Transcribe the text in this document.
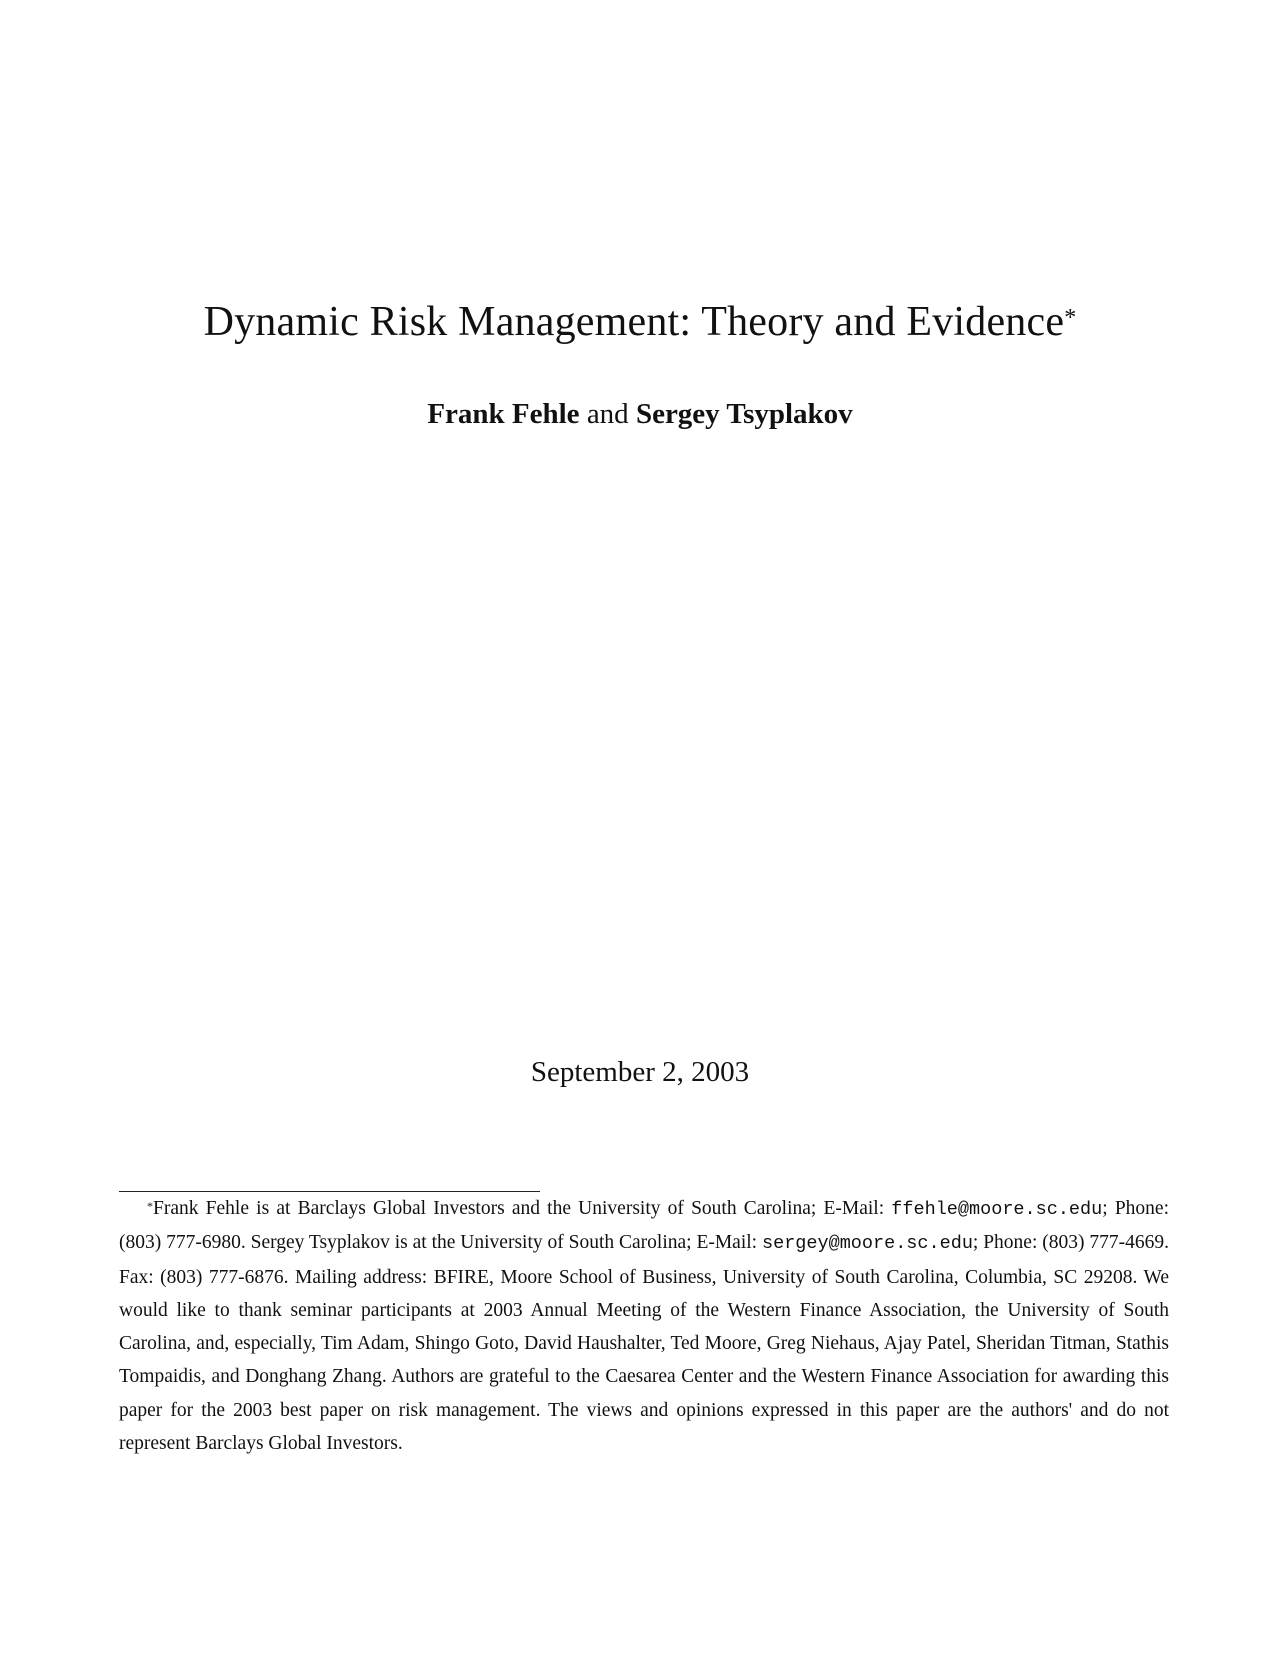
Dynamic Risk Management: Theory and Evidence*
Frank Fehle and Sergey Tsyplakov
September 2, 2003

*Frank Fehle is at Barclays Global Investors and the University of South Carolina; E-Mail: ffehle@moore.sc.edu; Phone: (803) 777-6980. Sergey Tsyplakov is at the University of South Carolina; E-Mail: sergey@moore.sc.edu; Phone: (803) 777-4669. Fax: (803) 777-6876. Mailing address: BFIRE, Moore School of Business, University of South Carolina, Columbia, SC 29208. We would like to thank seminar participants at 2003 Annual Meeting of the Western Finance Association, the University of South Carolina, and, especially, Tim Adam, Shingo Goto, David Haushalter, Ted Moore, Greg Niehaus, Ajay Patel, Sheridan Titman, Stathis Tompaidis, and Donghang Zhang. Authors are grateful to the Caesarea Center and the Western Finance Association for awarding this paper for the 2003 best paper on risk management. The views and opinions expressed in this paper are the authors' and do not represent Barclays Global Investors.
